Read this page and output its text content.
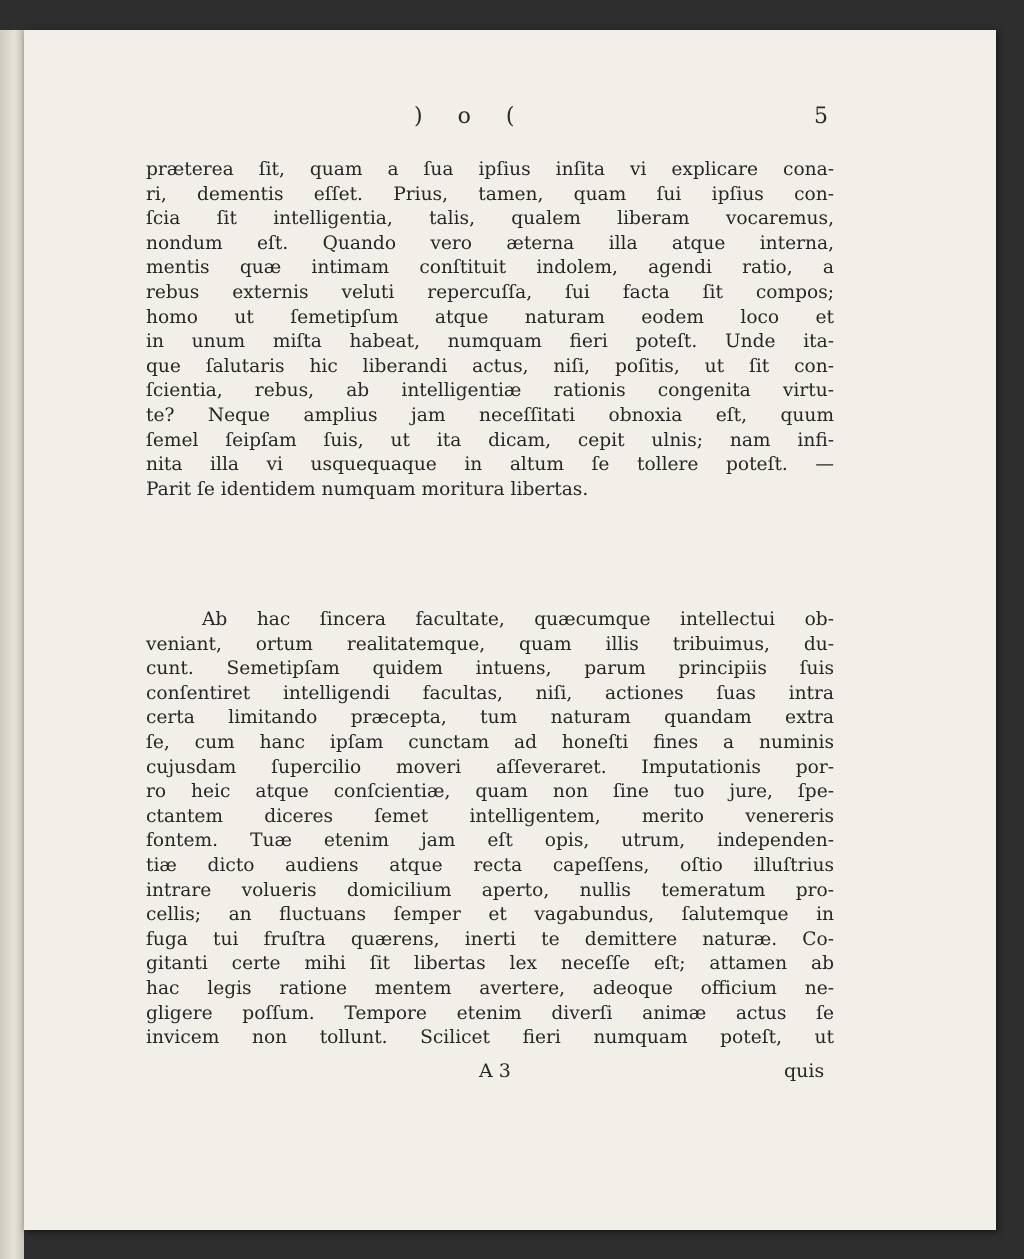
) o (	5
præterea ſit, quam a ſua ipſius inſita vi explicare cona-
ri, dementis eſſet. Prius, tamen, quam ſui ipſius con-
ſcia ſit intelligentia, talis, qualem liberam vocaremus,
nondum eſt. Quando vero æterna illa atque interna,
mentis quæ intimam conſtituit indolem, agendi ratio, a
rebus externis veluti repercuſſa, ſui facta ſit compos;
homo ut ſemetipſum atque naturam eodem loco et
in unum miſta habeat, numquam fieri poteſt. Unde ita-
que ſalutaris hic liberandi actus, niſi, poſitis, ut ſit con-
ſcientia, rebus, ab intelligentiæ rationis congenita virtu-
te? Neque amplius jam neceſſitati obnoxia eſt, quum
ſemel ſeipſam ſuis, ut ita dicam, cepit ulnis; nam infi-
nita illa vi usquequaque in altum ſe tollere poteſt. —
Parit ſe identidem numquam moritura libertas.
Ab hac ſincera facultate, quæcumque intellectui ob-
veniant, ortum realitatemque, quam illis tribuimus, du-
cunt. Semetipſam quidem intuens, parum principiis ſuis
conſentiret intelligendi facultas, niſi, actiones ſuas intra
certa limitando præcepta, tum naturam quandam extra
ſe, cum hanc ipſam cunctam ad honeſti fines a numinis
cujusdam ſupercilio moveri aſſeveraret. Imputationis por-
ro heic atque conſcientiæ, quam non ſine tuo jure, ſpe-
ctantem diceres ſemet intelligentem, merito venereris
fontem. Tuæ etenim jam eſt opis, utrum, independen-
tiæ dicto audiens atque recta capeſſens, oſtio illuſtrius
intrare volueris domicilium aperto, nullis temeratum pro-
cellis; an fluctuans ſemper et vagabundus, ſalutemque in
fuga tui fruſtra quærens, inerti te demittere naturæ. Co-
gitanti certe mihi ſit libertas lex neceſſe eſt; attamen ab
hac legis ratione mentem avertere, adeoque officium ne-
gligere poſſum. Tempore etenim diverſi animæ actus ſe
invicem non tollunt. Scilicet fieri numquam poteſt, ut
A 3	quis
